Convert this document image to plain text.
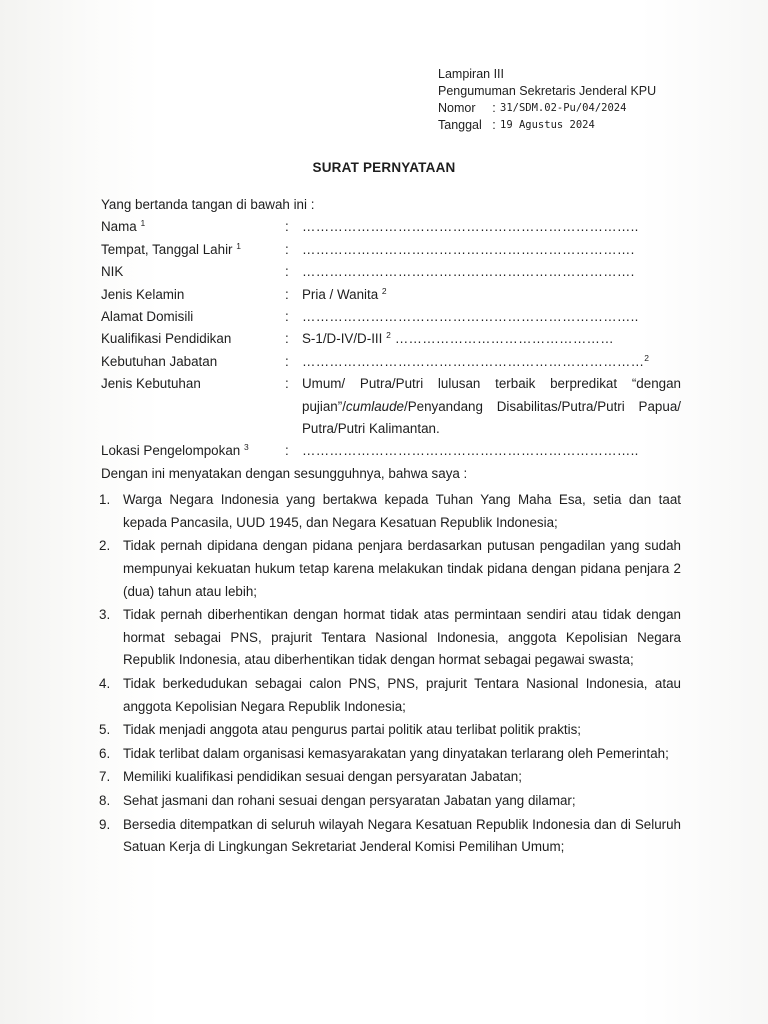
Lampiran III
Pengumuman Sekretaris Jenderal KPU
Nomor	: 31/SDM.02-Pu/04/2024
Tanggal : 19 Agustus 2024
SURAT PERNYATAAN

Yang bertanda tangan di bawah ini :

Nama $^1$	: ………………………………………………………………..
Tempat, Tanggal Lahir $^1$	: ……………………………………………………………….
NIK	: ……………………………………………………………….
Jenis Kelamin	: Pria / Wanita $^2$
Alamat Domisili	: ………………………………………………………………..
Kualifikasi Pendidikan	: S-1/D-IV/D-III $^2$ …………………………………………
Kebutuhan Jabatan	: …………………………………………………………………$^2$
Jenis Kebutuhan	: Umum/ Putra/Putri lulusan terbaik berpredikat “dengan pujian”/cumlaude/Penyandang Disabilitas/Putra/Putri Papua/ Putra/Putri Kalimantan.
Lokasi Pengelompokan $^3$	: ………………………………………………………………..

Dengan ini menyatakan dengan sesungguhnya, bahwa saya :

1. Warga Negara Indonesia yang bertakwa kepada Tuhan Yang Maha Esa, setia dan taat kepada Pancasila, UUD 1945, dan Negara Kesatuan Republik Indonesia;
2. Tidak pernah dipidana dengan pidana penjara berdasarkan putusan pengadilan yang sudah mempunyai kekuatan hukum tetap karena melakukan tindak pidana dengan pidana penjara 2 (dua) tahun atau lebih;
3. Tidak pernah diberhentikan dengan hormat tidak atas permintaan sendiri atau tidak dengan hormat sebagai PNS, prajurit Tentara Nasional Indonesia, anggota Kepolisian Negara Republik Indonesia, atau diberhentikan tidak dengan hormat sebagai pegawai swasta;
4. Tidak berkedudukan sebagai calon PNS, PNS, prajurit Tentara Nasional Indonesia, atau anggota Kepolisian Negara Republik Indonesia;
5. Tidak menjadi anggota atau pengurus partai politik atau terlibat politik praktis;
6. Tidak terlibat dalam organisasi kemasyarakatan yang dinyatakan terlarang oleh Pemerintah;
7. Memiliki kualifikasi pendidikan sesuai dengan persyaratan Jabatan;
8. Sehat jasmani dan rohani sesuai dengan persyaratan Jabatan yang dilamar;
9. Bersedia ditempatkan di seluruh wilayah Negara Kesatuan Republik Indonesia dan di Seluruh Satuan Kerja di Lingkungan Sekretariat Jenderal Komisi Pemilihan Umum;
